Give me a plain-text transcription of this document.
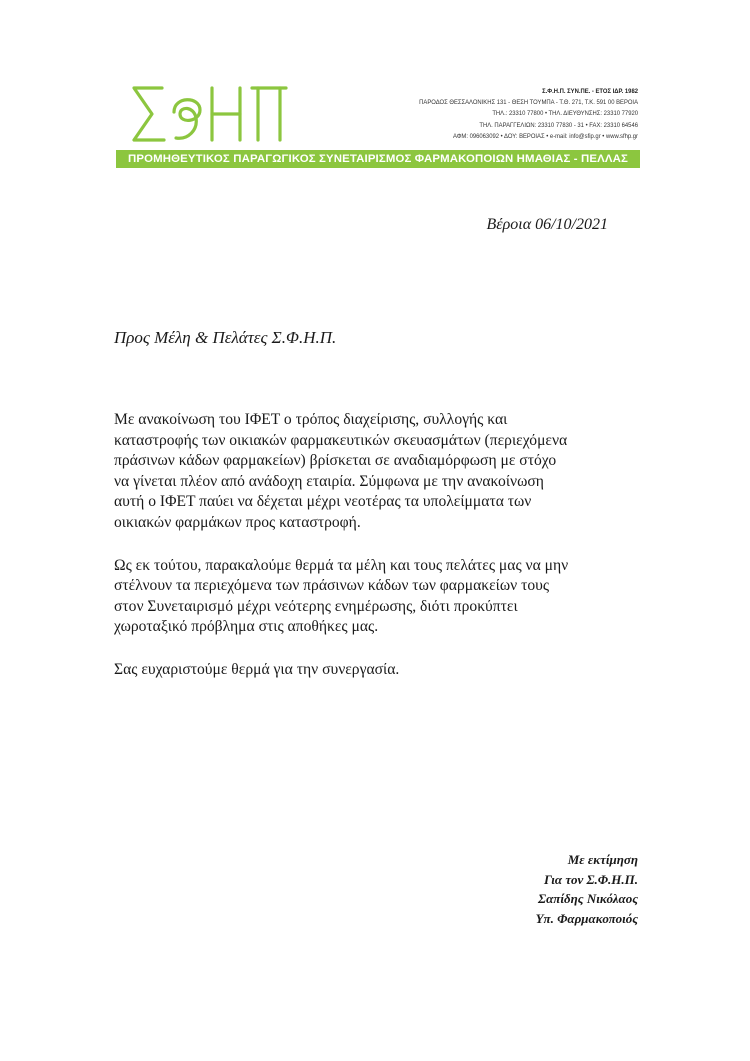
Σ.Φ.Η.Π. ΣΥΝ.ΠΕ. - ΕΤΟΣ ΙΔΡ. 1982
ΠΑΡΟΔΟΣ ΘΕΣΣΑΛΟΝΙΚΗΣ 131 - ΘΕΣΗ ΤΟΥΜΠΑ - Τ.Θ. 271, Τ.Κ. 591 00 ΒΕΡΟΙΑ
ΤΗΛ.: 23310 77800 • ΤΗΛ. ΔΙΕΥΘΥΝΣΗΣ: 23310 77920
ΤΗΛ. ΠΑΡΑΓΓΕΛΙΩΝ: 23310 77830 - 31 • FAX: 23310 64546
ΑΦΜ: 096063092 • ΔΟΥ: ΒΕΡΟΙΑΣ • e-mail: info@sfip.gr • www.sfhp.gr
ΠΡΟΜΗΘΕΥΤΙΚΟΣ ΠΑΡΑΓΩΓΙΚΟΣ ΣΥΝΕΤΑΙΡΙΣΜΟΣ ΦΑΡΜΑΚΟΠΟΙΩΝ ΗΜΑΘΙΑΣ - ΠΕΛΛΑΣ
Βέροια 06/10/2021
Προς Μέλη & Πελάτες Σ.Φ.Η.Π.

Με ανακοίνωση του ΙΦΕΤ ο τρόπος διαχείρισης, συλλογής και
καταστροφής των οικιακών φαρμακευτικών σκευασμάτων (περιεχόμενα
πράσινων κάδων φαρμακείων) βρίσκεται σε αναδιαμόρφωση με στόχο
να γίνεται πλέον από ανάδοχη εταιρία. Σύμφωνα με την ανακοίνωση
αυτή ο ΙΦΕΤ παύει να δέχεται μέχρι νεοτέρας τα υπολείμματα των
οικιακών φαρμάκων προς καταστροφή.

Ως εκ τούτου, παρακαλούμε θερμά τα μέλη και τους πελάτες μας να μην
στέλνουν τα περιεχόμενα των πράσινων κάδων των φαρμακείων τους
στον Συνεταιρισμό μέχρι νεότερης ενημέρωσης, διότι προκύπτει
χωροταξικό πρόβλημα στις αποθήκες μας.

Σας ευχαριστούμε θερμά για την συνεργασία.

Με εκτίμηση
Για τον Σ.Φ.Η.Π.
Σαπίδης Νικόλαος
Υπ. Φαρμακοποιός
